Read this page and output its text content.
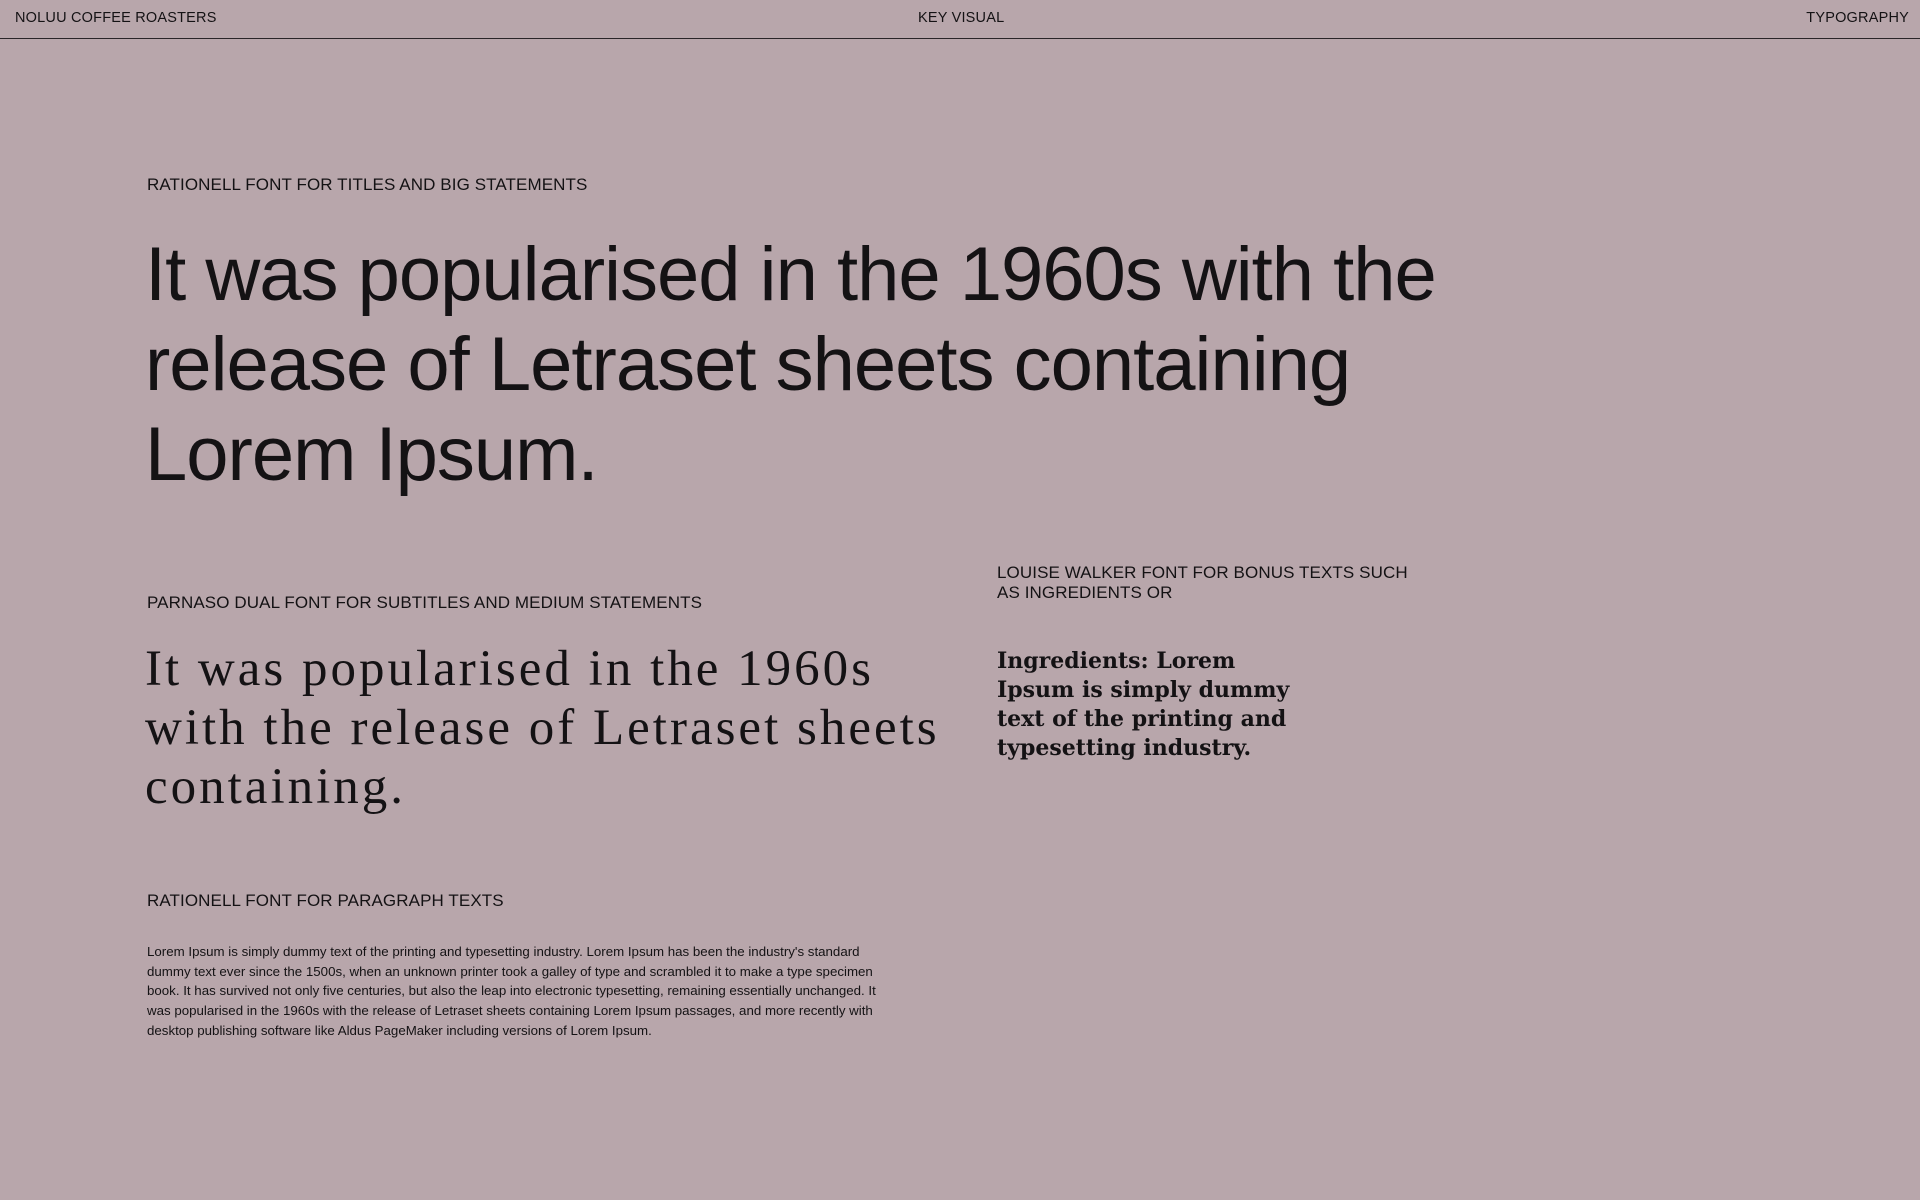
NOLUU COFFEE ROASTERS	KEY VISUAL	TYPOGRAPHY
RATIONELL FONT FOR TITLES AND BIG STATEMENTS
It was popularised in the 1960s with the release of Letraset sheets containing Lorem Ipsum.
PARNASO DUAL FONT FOR SUBTITLES AND MEDIUM STATEMENTS

It was popularised in the 1960s with the release of Letraset sheets containing.

LOUISE WALKER FONT FOR BONUS TEXTS SUCH AS INGREDIENTS OR

Ingredients: Lorem Ipsum is simply dummy text of the printing and typesetting industry.

RATIONELL FONT FOR PARAGRAPH TEXTS

Lorem Ipsum is simply dummy text of the printing and typesetting industry. Lorem Ipsum has been the industry's standard dummy text ever since the 1500s, when an unknown printer took a galley of type and scrambled it to make a type specimen book. It has survived not only five centuries, but also the leap into electronic typesetting, remaining essentially unchanged. It was popularised in the 1960s with the release of Letraset sheets containing Lorem Ipsum passages, and more recently with desktop publishing software like Aldus PageMaker including versions of Lorem Ipsum.
